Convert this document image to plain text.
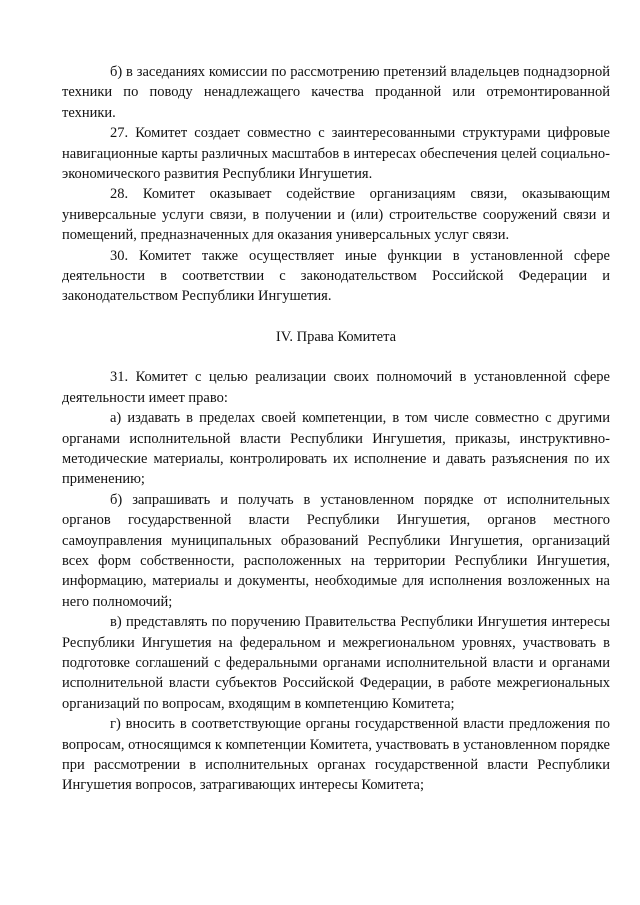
б) в заседаниях комиссии по рассмотрению претензий владельцев поднадзорной техники по поводу ненадлежащего качества проданной или отремонтированной техники.

27. Комитет создает совместно с заинтересованными структурами цифровые навигационные карты различных масштабов в интересах обеспечения целей социально-экономического развития Республики Ингушетия.

28. Комитет оказывает содействие организациям связи, оказывающим универсальные услуги связи, в получении и (или) строительстве сооружений связи и помещений, предназначенных для оказания универсальных услуг связи.

30. Комитет также осуществляет иные функции в установленной сфере деятельности в соответствии с законодательством Российской Федерации и законодательством Республики Ингушетия.

IV. Права Комитета

31. Комитет с целью реализации своих полномочий в установленной сфере деятельности имеет право:

а) издавать в пределах своей компетенции, в том числе совместно с другими органами исполнительной власти Республики Ингушетия, приказы, инструктивно-методические материалы, контролировать их исполнение и давать разъяснения по их применению;

б) запрашивать и получать в установленном порядке от исполнительных органов государственной власти Республики Ингушетия, органов местного самоуправления муниципальных образований Республики Ингушетия, организаций всех форм собственности, расположенных на территории Республики Ингушетия, информацию, материалы и документы, необходимые для исполнения возложенных на него полномочий;

в) представлять по поручению Правительства Республики Ингушетия интересы Республики Ингушетия на федеральном и межрегиональном уровнях, участвовать в подготовке соглашений с федеральными органами исполнительной власти и органами исполнительной власти субъектов Российской Федерации, в работе межрегиональных организаций по вопросам, входящим в компетенцию Комитета;

г) вносить в соответствующие органы государственной власти предложения по вопросам, относящимся к компетенции Комитета, участвовать в установленном порядке при рассмотрении в исполнительных органах государственной власти Республики Ингушетия вопросов, затрагивающих интересы Комитета;
